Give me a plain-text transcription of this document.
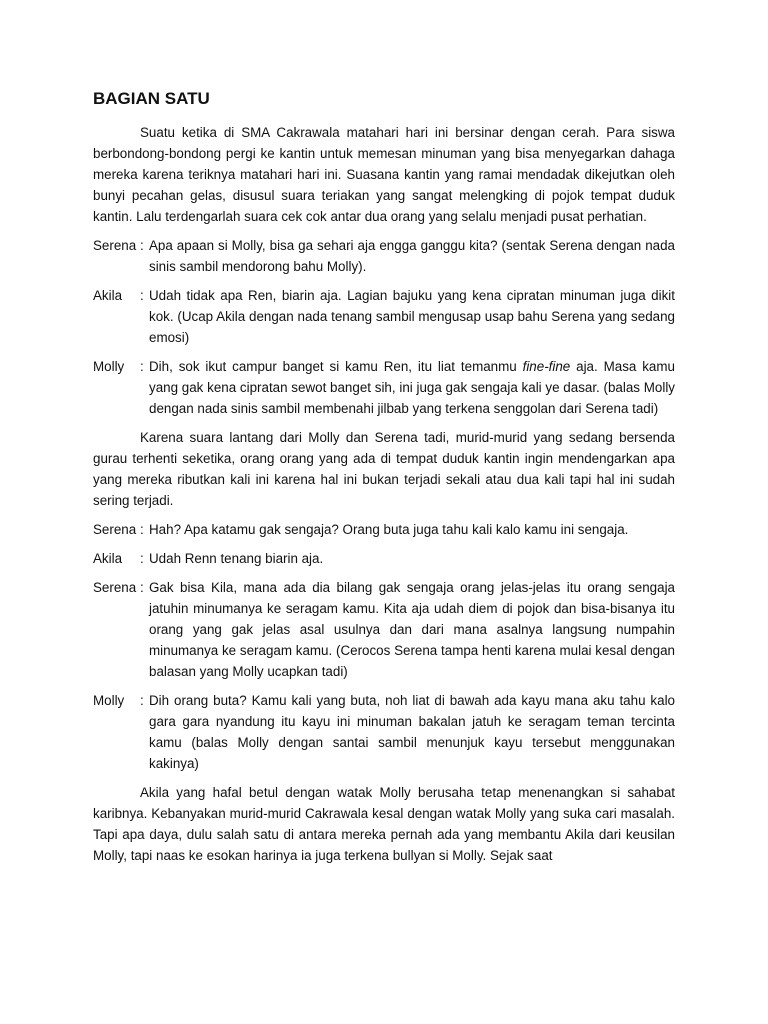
BAGIAN SATU

Suatu ketika di SMA Cakrawala matahari hari ini bersinar dengan cerah. Para siswa berbondong-bondong pergi ke kantin untuk memesan minuman yang bisa menyegarkan dahaga mereka karena teriknya matahari hari ini. Suasana kantin yang ramai mendadak dikejutkan oleh bunyi pecahan gelas, disusul suara teriakan yang sangat melengking di pojok tempat duduk kantin. Lalu terdengarlah suara cek cok antar dua orang yang selalu menjadi pusat perhatian.

Serena : Apa apaan si Molly, bisa ga sehari aja engga ganggu kita? (sentak Serena dengan nada sinis sambil mendorong bahu Molly).
Akila	: Udah tidak apa Ren, biarin aja. Lagian bajuku yang kena cipratan minuman juga dikit kok. (Ucap Akila dengan nada tenang sambil mengusap usap bahu Serena yang sedang emosi)
Molly	: Dih, sok ikut campur banget si kamu Ren, itu liat temanmu fine-fine aja. Masa kamu yang gak kena cipratan sewot banget sih, ini juga gak sengaja kali ye dasar. (balas Molly dengan nada sinis sambil membenahi jilbab yang terkena senggolan dari Serena tadi)

Karena suara lantang dari Molly dan Serena tadi, murid-murid yang sedang bersenda gurau terhenti seketika, orang orang yang ada di tempat duduk kantin ingin mendengarkan apa yang mereka ributkan kali ini karena hal ini bukan terjadi sekali atau dua kali tapi hal ini sudah sering terjadi.

Serena : Hah? Apa katamu gak sengaja? Orang buta juga tahu kali kalo kamu ini sengaja.
Akila	: Udah Renn tenang biarin aja.
Serena : Gak bisa Kila, mana ada dia bilang gak sengaja orang jelas-jelas itu orang sengaja jatuhin minumanya ke seragam kamu. Kita aja udah diem di pojok dan bisa-bisanya itu orang yang gak jelas asal usulnya dan dari mana asalnya langsung numpahin minumanya ke seragam kamu. (Cerocos Serena tampa henti karena mulai kesal dengan balasan yang Molly ucapkan tadi)
Molly	: Dih orang buta? Kamu kali yang buta, noh liat di bawah ada kayu mana aku tahu kalo gara gara nyandung itu kayu ini minuman bakalan jatuh ke seragam teman tercinta kamu (balas Molly dengan santai sambil menunjuk kayu tersebut menggunakan kakinya)

Akila yang hafal betul dengan watak Molly berusaha tetap menenangkan si sahabat karibnya. Kebanyakan murid-murid Cakrawala kesal dengan watak Molly yang suka cari masalah. Tapi apa daya, dulu salah satu di antara mereka pernah ada yang membantu Akila dari keusilan Molly, tapi naas ke esokan harinya ia juga terkena bullyan si Molly. Sejak saat
